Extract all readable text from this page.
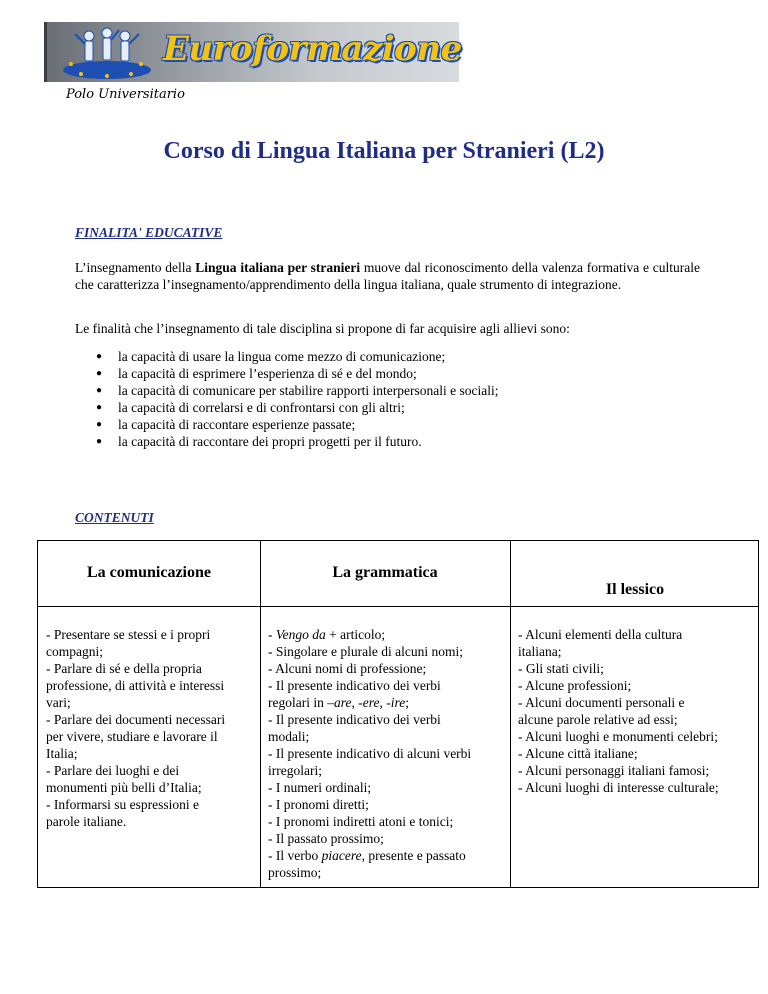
Euroformazione
Polo Universitario
Corso di Lingua Italiana per Stranieri (L2)
FINALITA' EDUCATIVE

L’insegnamento della Lingua italiana per stranieri muove dal riconoscimento della valenza formativa e culturale che caratterizza l’insegnamento/apprendimento della lingua italiana, quale strumento di integrazione.

Le finalità che l’insegnamento di tale disciplina si propone di far acquisire agli allievi sono:

● la capacità di usare la lingua come mezzo di comunicazione;
● la capacità di esprimere l’esperienza di sé e del mondo;
● la capacità di comunicare per stabilire rapporti interpersonali e sociali;
● la capacità di correlarsi e di confrontarsi con gli altri;
● la capacità di raccontare esperienze passate;
● la capacità di raccontare dei propri progetti per il futuro.
CONTENUTI
La comunicazione	La grammatica
Il lessico
- Presentare se stessi e i propri
compagni;
- Parlare di sé e della propria
professione, di attività e interessi
vari;
- Parlare dei documenti necessari
per vivere, studiare e lavorare il
Italia;
- Parlare dei luoghi e dei
monumenti più belli d’Italia;
- Informarsi su espressioni e
parole italiane.
- Vengo da + articolo;
- Singolare e plurale di alcuni nomi;
- Alcuni nomi di professione;
- Il presente indicativo dei verbi
regolari in –are, -ere, -ire;
- Il presente indicativo dei verbi
modali;
- Il presente indicativo di alcuni verbi
irregolari;
- I numeri ordinali;
- I pronomi diretti;
- I pronomi indiretti atoni e tonici;
- Il passato prossimo;
- Il verbo piacere, presente e passato
prossimo;
- Alcuni elementi della cultura
italiana;
- Gli stati civili;
- Alcune professioni;
- Alcuni documenti personali e
alcune parole relative ad essi;
- Alcuni luoghi e monumenti celebri;
- Alcune città italiane;
- Alcuni personaggi italiani famosi;
- Alcuni luoghi di interesse culturale;
